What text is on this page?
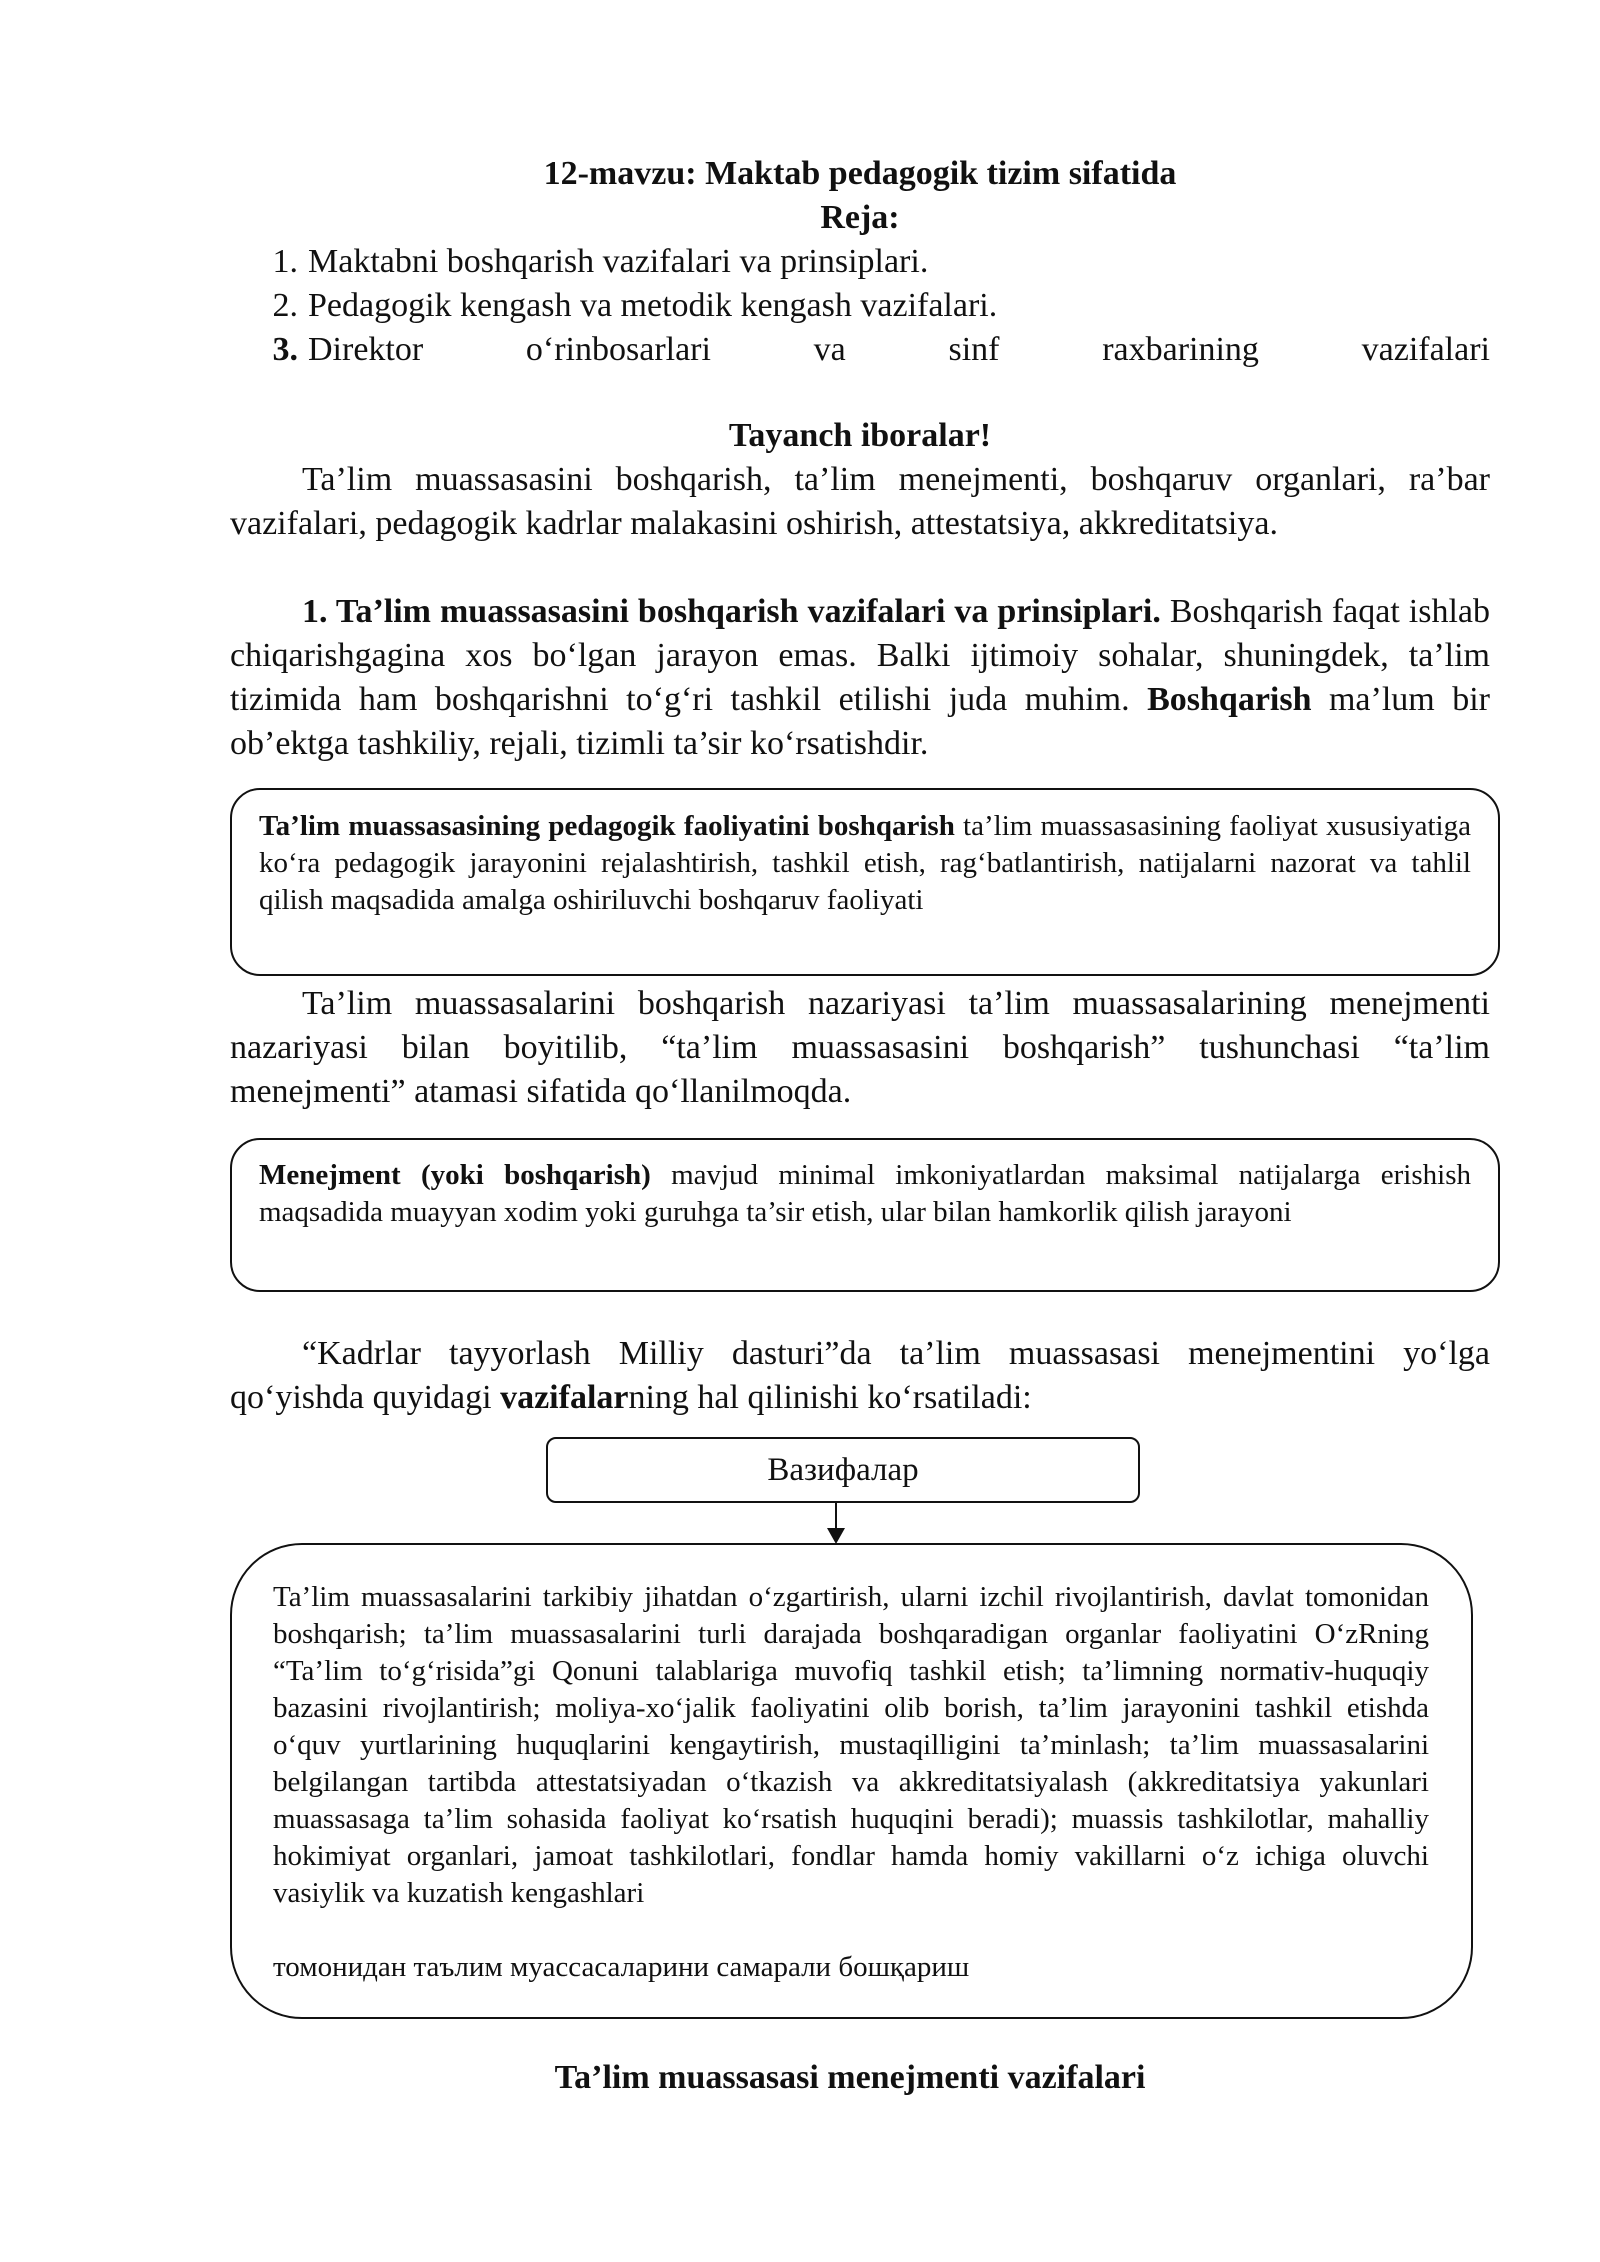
12-mavzu: Maktab pedagogik tizim sifatida
Reja:
1. Maktabni boshqarish vazifalari va prinsiplari.
2. Pedagogik kengash va metodik kengash vazifalari.
3. Direktor o‘rinbosarlari va sinf raxbarining vazifalari
Tayanch iboralar!
Ta’lim muassasasini boshqarish, ta’lim menejmenti, boshqaruv organlari, ra’bar vazifalari, pedagogik kadrlar malakasini oshirish, attestatsiya, akkreditatsiya.
1. Ta’lim muassasasini boshqarish vazifalari va prinsiplari. Boshqarish faqat ishlab chiqarishgagina xos bo‘lgan jarayon emas. Balki ijtimoiy sohalar, shuningdek, ta’lim tizimida ham boshqarishni to‘g‘ri tashkil etilishi juda muhim. Boshqarish ma’lum bir ob’ektga tashkiliy, rejali, tizimli ta’sir ko‘rsatishdir.
Ta’lim muassasasining pedagogik faoliyatini boshqarish ta’lim muassasasining faoliyat xususiyatiga ko‘ra pedagogik jarayonini rejalashtirish, tashkil etish, rag‘batlantirish, natijalarni nazorat va tahlil qilish maqsadida amalga oshiriluvchi boshqaruv faoliyati
Ta’lim muassasalarini boshqarish nazariyasi ta’lim muassasalarining menejmenti nazariyasi bilan boyitilib, “ta’lim muassasasini boshqarish” tushunchasi “ta’lim menejmenti” atamasi sifatida qo‘llanilmoqda.
Menejment (yoki boshqarish) mavjud minimal imkoniyatlardan maksimal natijalarga erishish maqsadida muayyan xodim yoki guruhga ta’sir etish, ular bilan hamkorlik qilish jarayoni
“Kadrlar tayyorlash Milliy dasturi”da ta’lim muassasasi menejmentini yo‘lga qo‘yishda quyidagi vazifalarning hal qilinishi ko‘rsatiladi:
Вазифалар
Ta’lim muassasalarini tarkibiy jihatdan o‘zgartirish, ularni izchil rivojlantirish, davlat tomonidan boshqarish; ta’lim muassasalarini turli darajada boshqaradigan organlar faoliyatini O‘zRning “Ta’lim to‘g‘risida”gi Qonuni talablariga muvofiq tashkil etish; ta’limning normativ-huquqiy bazasini rivojlantirish; moliya-xo‘jalik faoliyatini olib borish, ta’lim jarayonini tashkil etishda o‘quv yurtlarining huquqlarini kengaytirish, mustaqilligini ta’minlash; ta’lim muassasalarini belgilangan tartibda attestatsiyadan o‘tkazish va akkreditatsiyalash (akkreditatsiya yakunlari muassasaga ta’lim sohasida faoliyat ko‘rsatish huquqini beradi); muassis tashkilotlar, mahalliy hokimiyat organlari, jamoat tashkilotlari, fondlar hamda homiy vakillarni o‘z ichiga oluvchi vasiylik va kuzatish kengashlari
томонидан таълим муассасаларини самарали бошқариш
Ta’lim muassasasi menejmenti vazifalari
